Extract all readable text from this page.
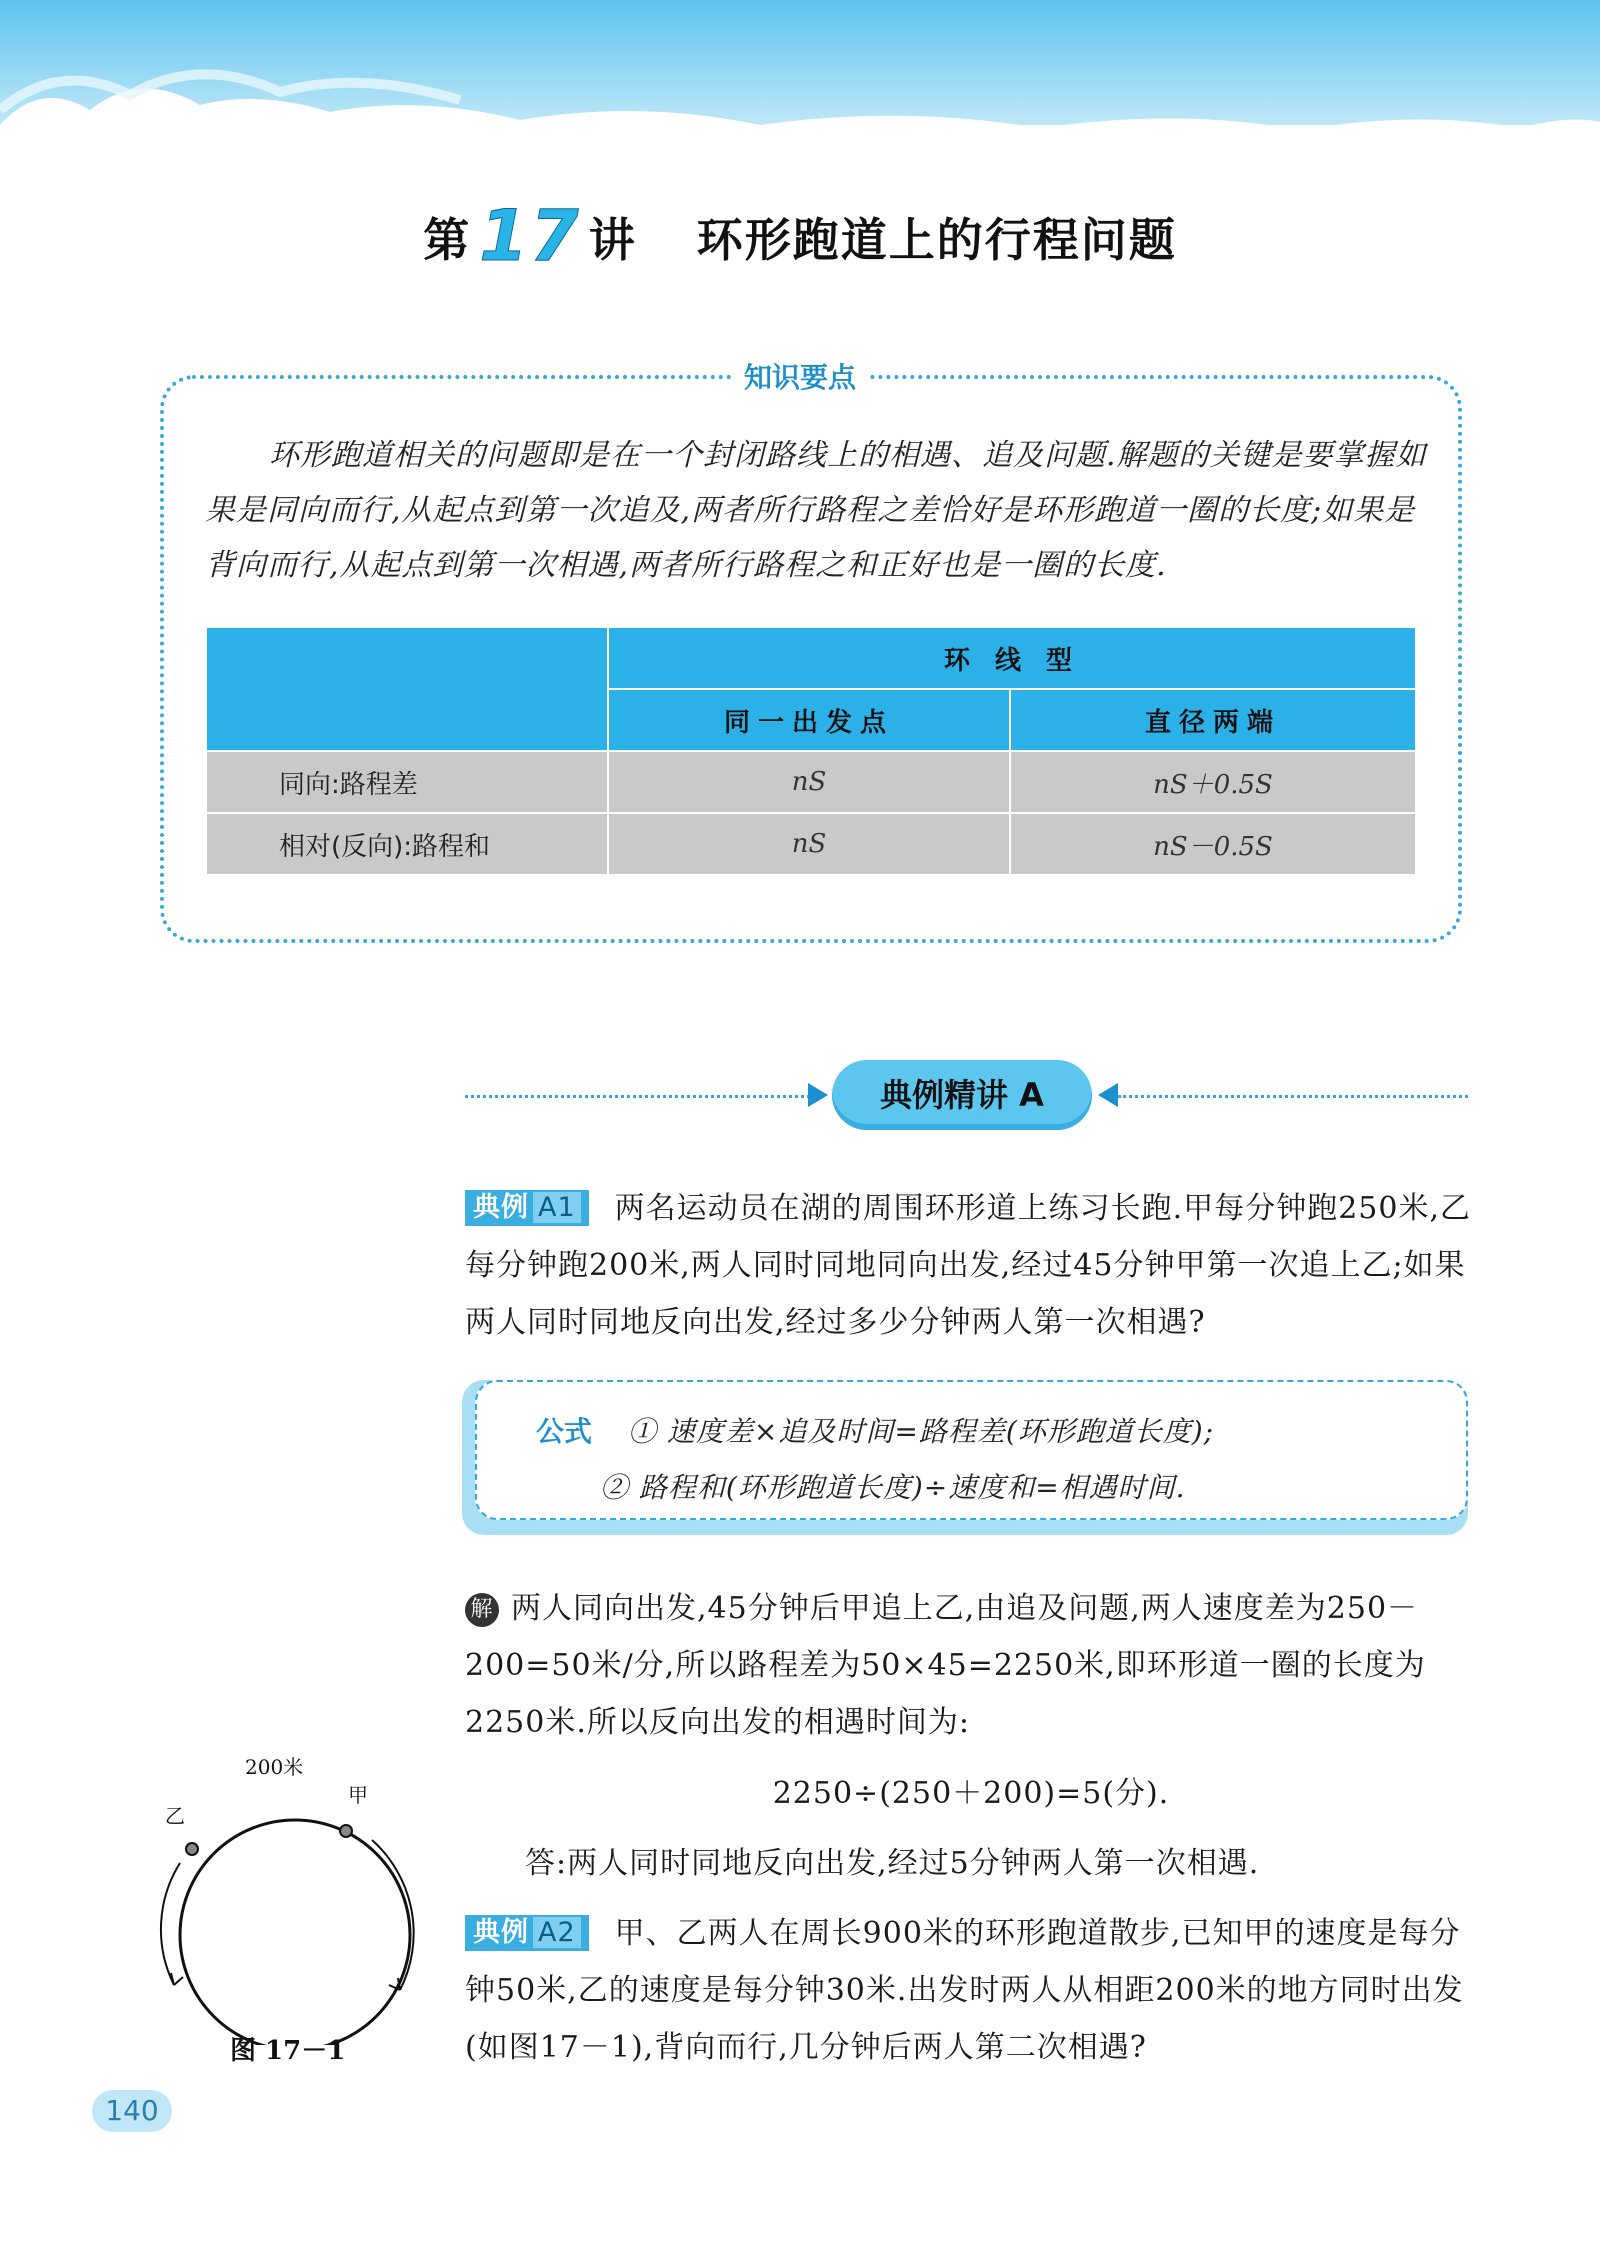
第 17 讲 环形跑道上的行程问题
知识要点
环形跑道相关的问题即是在一个封闭路线上的相遇、追及问题.解题的关键是要掌握如果是同向而行,从起点到第一次追及,两者所行路程之差恰好是环形跑道一圈的长度;如果是背向而行,从起点到第一次相遇,两者所行路程之和正好也是一圈的长度.
	环 线 型	
	同一出发点	直径两端
同向:路程差	nS	nS＋0.5S
相对(反向):路程和	nS	nS－0.5S
典例精讲 A
典例 A1 两名运动员在湖的周围环形道上练习长跑.甲每分钟跑250米,乙每分钟跑200米,两人同时同地同向出发,经过45分钟甲第一次追上乙;如果两人同时同地反向出发,经过多少分钟两人第一次相遇?
公式 ① 速度差×追及时间=路程差(环形跑道长度);
② 路程和(环形跑道长度)÷速度和=相遇时间.
解 两人同向出发,45分钟后甲追上乙,由追及问题,两人速度差为250－200=50米/分,所以路程差为50×45=2250米,即环形道一圈的长度为2250米.所以反向出发的相遇时间为:
2250÷(250＋200)=5(分).
答:两人同时同地反向出发,经过5分钟两人第一次相遇.
典例 A2 甲、乙两人在周长900米的环形跑道散步,已知甲的速度是每分钟50米,乙的速度是每分钟30米.出发时两人从相距200米的地方同时出发(如图17－1),背向而行,几分钟后两人第二次相遇?
200米
甲
乙
图 17－1
140
